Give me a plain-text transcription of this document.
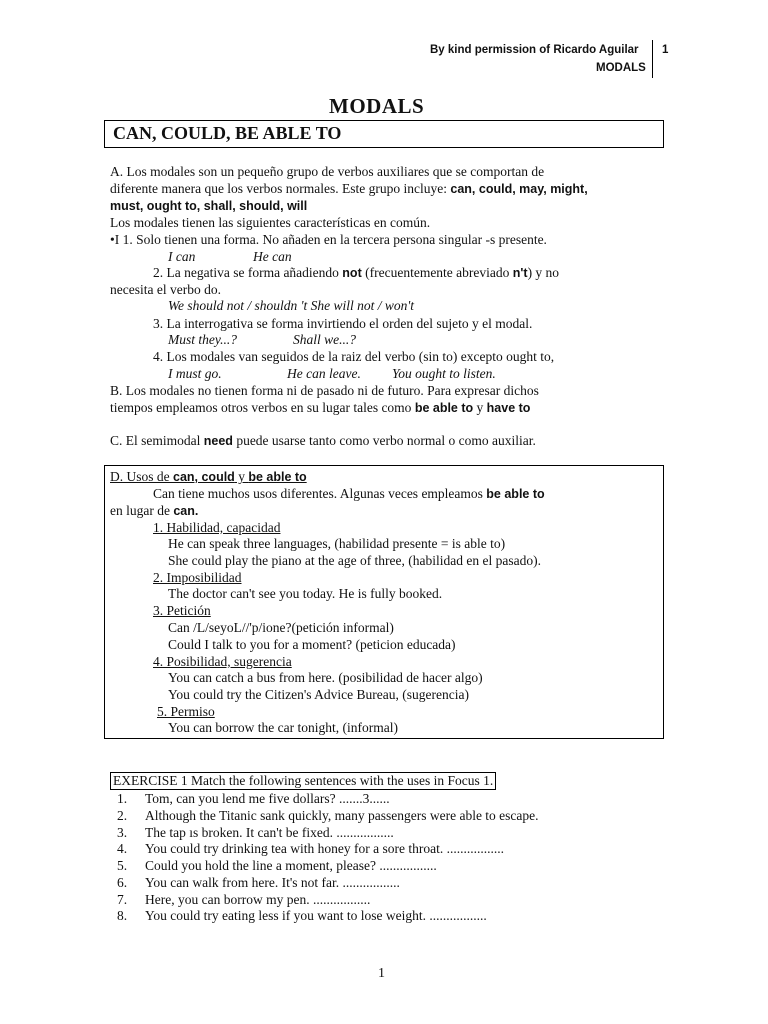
By kind permission of Ricardo Aguilar 1
MODALS
MODALS
CAN, COULD, BE ABLE TO
A. Los modales son un pequeño grupo de verbos auxiliares que se comportan de
diferente manera que los verbos normales. Este grupo incluye: can, could, may, might,
must, ought to, shall, should, will
Los modales tienen las siguientes características en común.
•I 1. Solo tienen una forma. No añaden en la tercera persona singular -s presente.
I can	He can
2. La negativa se forma añadiendo not (frecuentemente abreviado n't) y no
necesita el verbo do.
We should not / shouldn 't She will not / won't
3. La interrogativa se forma invirtiendo el orden del sujeto y el modal.
Must they...?	Shall we...?
4. Los modales van seguidos de la raiz del verbo (sin to) excepto ought to,
I must go.	He can leave. You ought to listen.
B. Los modales no tienen forma ni de pasado ni de futuro. Para expresar dichos
tiempos empleamos otros verbos en su lugar tales como be able to y have to
C. El semimodal need puede usarse tanto como verbo normal o como auxiliar.
D. Usos de can, could y be able to
Can tiene muchos usos diferentes. Algunas veces empleamos be able to
en lugar de can.
1. Habilidad, capacidad
He can speak three languages, (habilidad presente = is able to)
She could play the piano at the age of three, (habilidad en el pasado).
2. Imposibilidad
The doctor can't see you today. He is fully booked.
3. Petición
Can /L/seyoL//'p/ione?(petición informal)
Could I talk to you for a moment? (peticion educada)
4. Posibilidad, sugerencia
You can catch a bus from here. (posibilidad de hacer algo)
You could try the Citizen's Advice Bureau, (sugerencia)
5. Permiso
You can borrow the car tonight, (informal)
EXERCISE 1 Match the following sentences with the uses in Focus 1.
1. Tom, can you lend me five dollars? .......3......
2. Although the Titanic sank quickly, many passengers were able to escape.
3. The tap ıs broken. It can't be fixed. .................
4. You could try drinking tea with honey for a sore throat. .................
5. Could you hold the line a moment, please? .................
6. You can walk from here. It's not far. .................
7. Here, you can borrow my pen. .................
8. You could try eating less if you want to lose weight. .................
1
